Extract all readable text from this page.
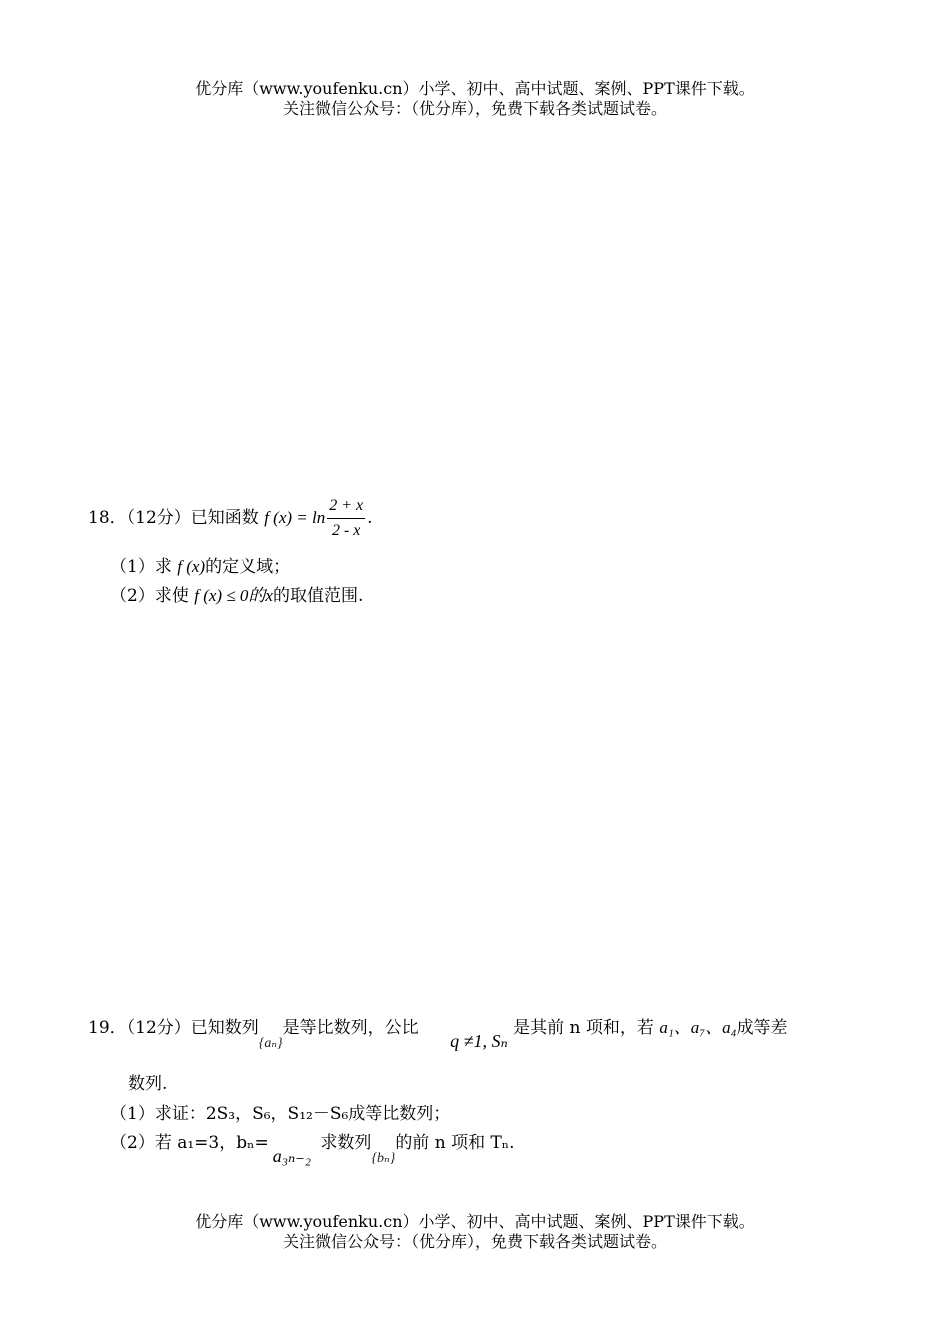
优分库（www.youfenku.cn）小学、初中、高中试题、案例、PPT课件下载。
关注微信公众号：（优分库），免费下载各类试题试卷。
18．（12分）已知函数 f $(x) = \ln \frac{2 + x}{2 - x}$ .
（1）求 f (x)的定义域；
（2）求使 f (x) ≤ 0的x的取值范围.
19．（12分）已知数列$_{\{a_n\}}$是等比数列，公比 q ≠1, Sₙ 是其前 n 项和，若 a₁、a₇、a₄成等差
数列.
（1）求证：2S₃，S₆，S₁₂－S₆成等比数列；
（2）若 a₁=3，bₙ=a₃ₙ₋₂ 求数列$_{\{b_n\}}$的前 n 项和 Tₙ.
优分库（www.youfenku.cn）小学、初中、高中试题、案例、PPT课件下载。
关注微信公众号：（优分库），免费下载各类试题试卷。
